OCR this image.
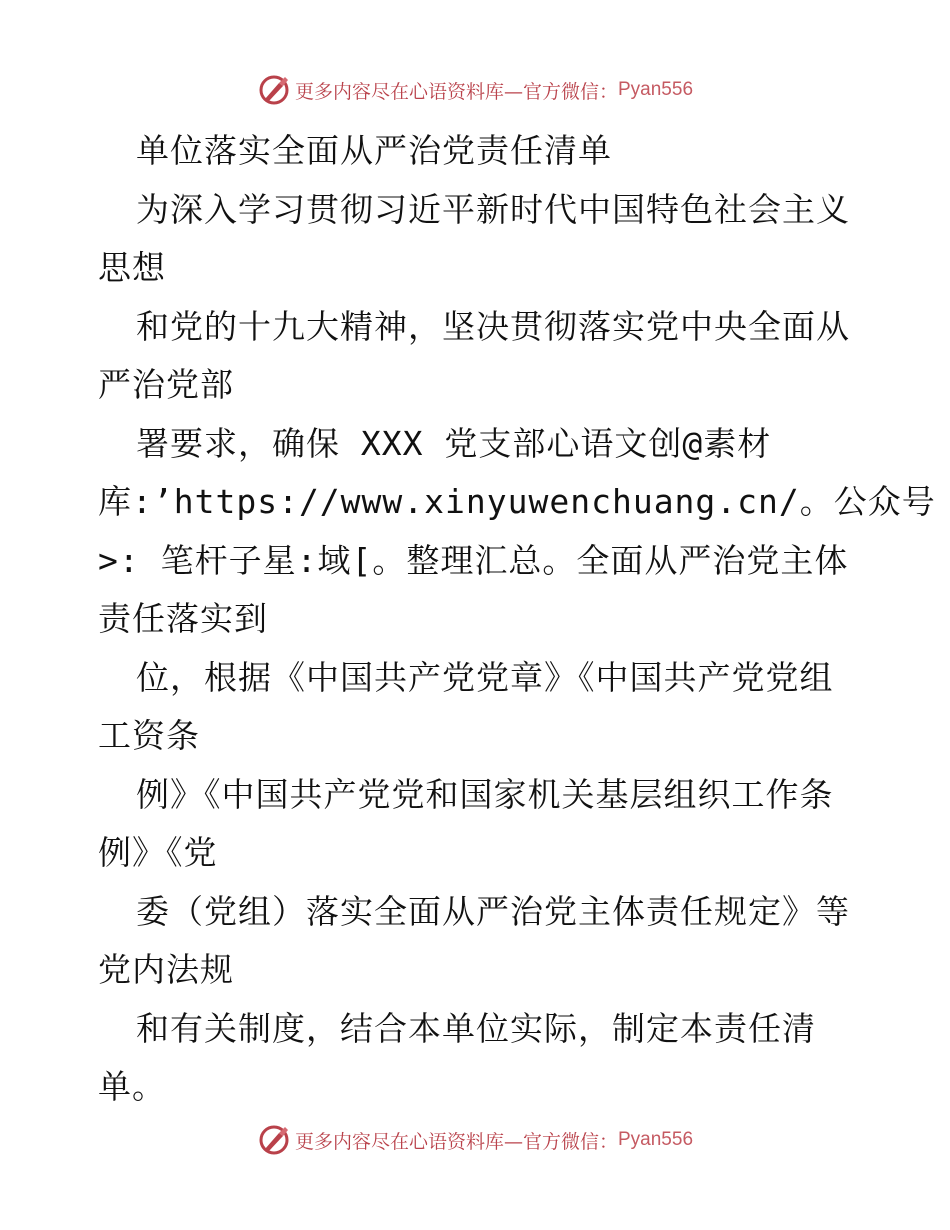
更多内容尽在心语资料库—官方微信： Pyan556
单位落实全面从严治党责任清单
为深入学习贯彻习近平新时代中国特色社会主义
思想
和党的十九大精神，坚决贯彻落实党中央全面从
严治党部
署要求，确保 XXX 党支部心语文创@素材
库:’https://www.xinyuwenchuang.cn/。公众号
>: 笔杆子星:域[。整理汇总。全面从严治党主体
责任落实到
位，根据《中国共产党党章》《中国共产党党组
工资条
例》《中国共产党党和国家机关基层组织工作条
例》《党
委（党组）落实全面从严治党主体责任规定》等
党内法规
和有关制度，结合本单位实际，制定本责任清
单。
更多内容尽在心语资料库—官方微信： Pyan556
